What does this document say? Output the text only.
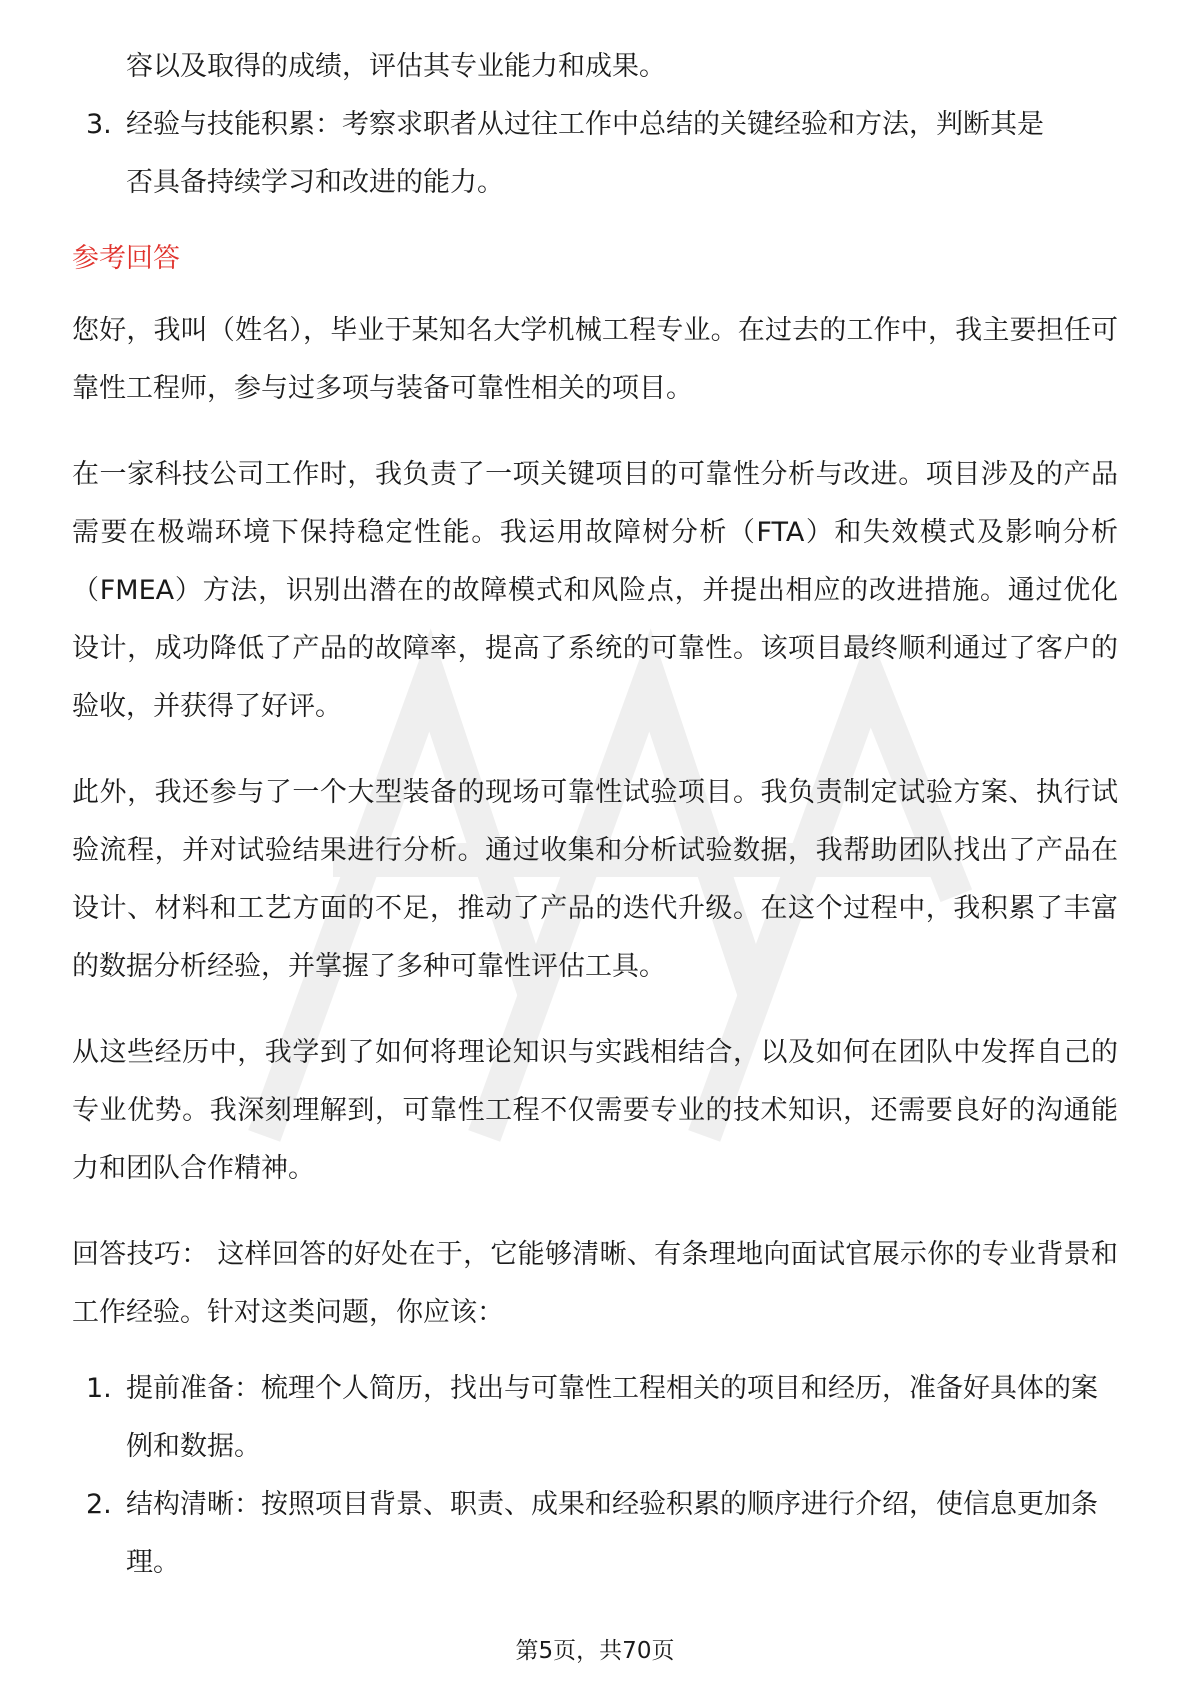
容以及取得的成绩，评估其专业能力和成果。

3. 经验与技能积累：考察求职者从过往工作中总结的关键经验和方法，判断其是
否具备持续学习和改进的能力。
参考回答

您好，我叫（姓名），毕业于某知名大学机械工程专业。在过去的工作中，我主要担任可靠性工程师，参与过多项与装备可靠性相关的项目。

在一家科技公司工作时，我负责了一项关键项目的可靠性分析与改进。项目涉及的产品需要在极端环境下保持稳定性能。我运用故障树分析（FTA）和失效模式及影响分析（FMEA）方法，识别出潜在的故障模式和风险点，并提出相应的改进措施。通过优化设计，成功降低了产品的故障率，提高了系统的可靠性。该项目最终顺利通过了客户的验收，并获得了好评。

此外，我还参与了一个大型装备的现场可靠性试验项目。我负责制定试验方案、执行试验流程，并对试验结果进行分析。通过收集和分析试验数据，我帮助团队找出了产品在设计、材料和工艺方面的不足，推动了产品的迭代升级。在这个过程中，我积累了丰富的数据分析经验，并掌握了多种可靠性评估工具。

从这些经历中，我学到了如何将理论知识与实践相结合，以及如何在团队中发挥自己的专业优势。我深刻理解到，可靠性工程不仅需要专业的技术知识，还需要良好的沟通能力和团队合作精神。

回答技巧： 这样回答的好处在于，它能够清晰、有条理地向面试官展示你的专业背景和工作经验。针对这类问题，你应该：

1. 提前准备：梳理个人简历，找出与可靠性工程相关的项目和经历，准备好具体的案例和数据。
2. 结构清晰：按照项目背景、职责、成果和经验积累的顺序进行介绍，使信息更加条理。
第5页，共70页
